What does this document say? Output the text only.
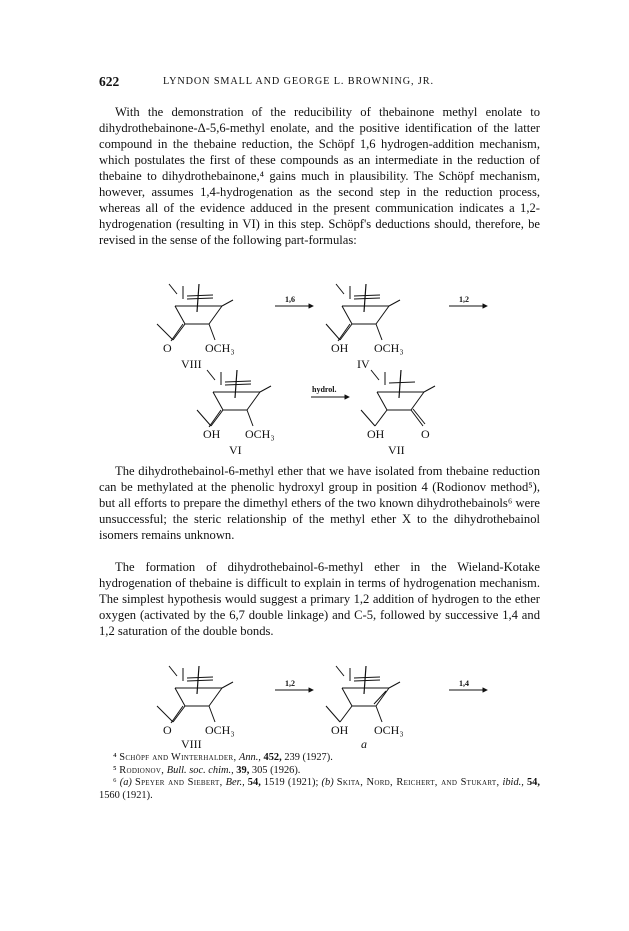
622	LYNDON SMALL AND GEORGE L. BROWNING, JR.

With the demonstration of the reducibility of thebainone methyl enolate to dihydrothebainone-Δ-5,6-methyl enolate, and the positive identification of the latter compound in the thebaine reduction, the Schöpf 1,6 hydrogen-addition mechanism, which postulates the first of these compounds as an intermediate in the reduction of thebaine to dihydrothebainone,⁴ gains much in plausibility. The Schöpf mechanism, however, assumes 1,4-hydrogenation as the second step in the reduction process, whereas all of the evidence adduced in the present communication indicates a 1,2-hydrogenation (resulting in VI) in this step. Schöpf's deductions should, therefore, be revised in the sense of the following part-formulas:

O	OCH₃
VIII
1,6
OH OCH₃
IV
1,2
OH OCH₃
VI
hydrol.
OH	O
VII

The dihydrothebainol-6-methyl ether that we have isolated from thebaine reduction can be methylated at the phenolic hydroxyl group in position 4 (Rodionov method⁵), but all efforts to prepare the dimethyl ethers of the two known dihydrothebainols⁶ were unsuccessful; the steric relationship of the methyl ether X to the dihydrothebainol isomers remains unknown.

The formation of dihydrothebainol-6-methyl ether in the Wieland-Kotake hydrogenation of thebaine is difficult to explain in terms of hydrogenation mechanism. The simplest hypothesis would suggest a primary 1,2 addition of hydrogen to the ether oxygen (activated by the 6,7 double linkage) and C-5, followed by successive 1,4 and 1,2 saturation of the double bonds.

O	OCH₃
VIII
1,2
OH OCH₃
a
1,4

⁴ Schöpf and Winterhalder, Ann., 452, 239 (1927).

⁵ Rodionov, Bull. soc. chim., 39, 305 (1926).

⁶ (a) Speyer and Siebert, Ber., 54, 1519 (1921); (b) Skita, Nord, Reichert, and Stukart, ibid., 54, 1560 (1921).
